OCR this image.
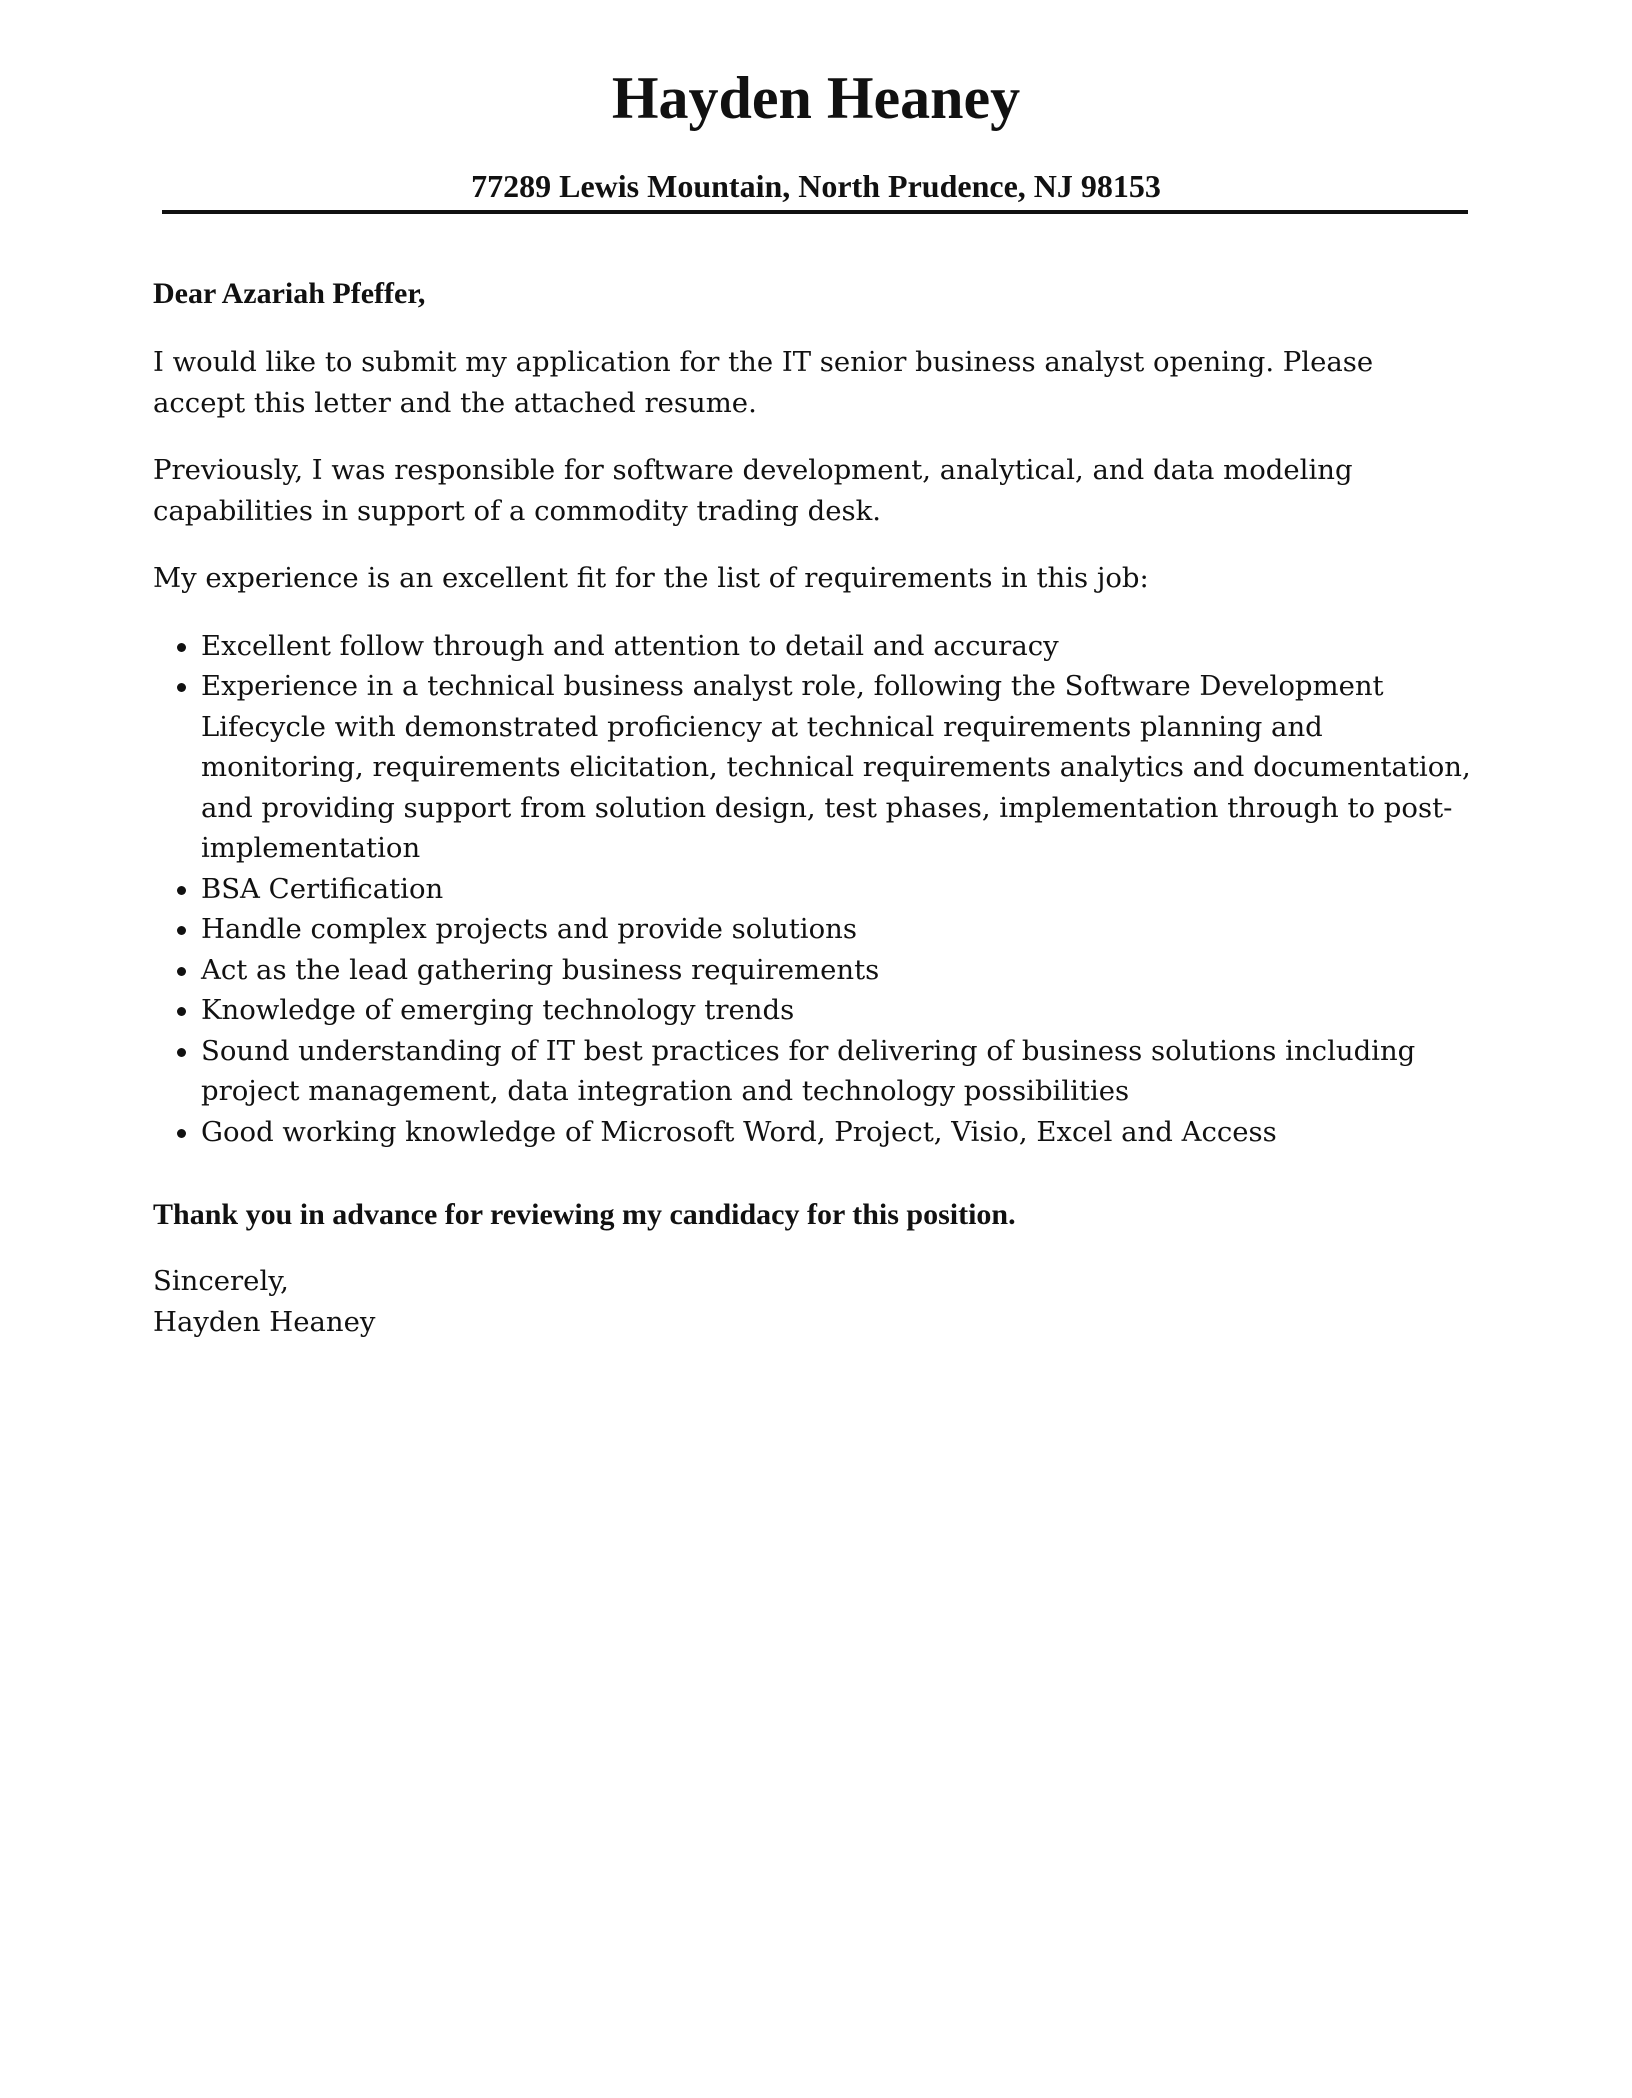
Hayden Heaney

77289 Lewis Mountain, North Prudence, NJ 98153

Dear Azariah Pfeffer,

I would like to submit my application for the IT senior business analyst opening. Please accept this letter and the attached resume.

Previously, I was responsible for software development, analytical, and data modeling capabilities in support of a commodity trading desk.

My experience is an excellent fit for the list of requirements in this job:

Excellent follow through and attention to detail and accuracy
Experience in a technical business analyst role, following the Software Development Lifecycle with demonstrated proficiency at technical requirements planning and monitoring, requirements elicitation, technical requirements analytics and documentation, and providing support from solution design, test phases, implementation through to post-implementation
BSA Certification
Handle complex projects and provide solutions
Act as the lead gathering business requirements
Knowledge of emerging technology trends
Sound understanding of IT best practices for delivering of business solutions including project management, data integration and technology possibilities
Good working knowledge of Microsoft Word, Project, Visio, Excel and Access

Thank you in advance for reviewing my candidacy for this position.

Sincerely,

Hayden Heaney
